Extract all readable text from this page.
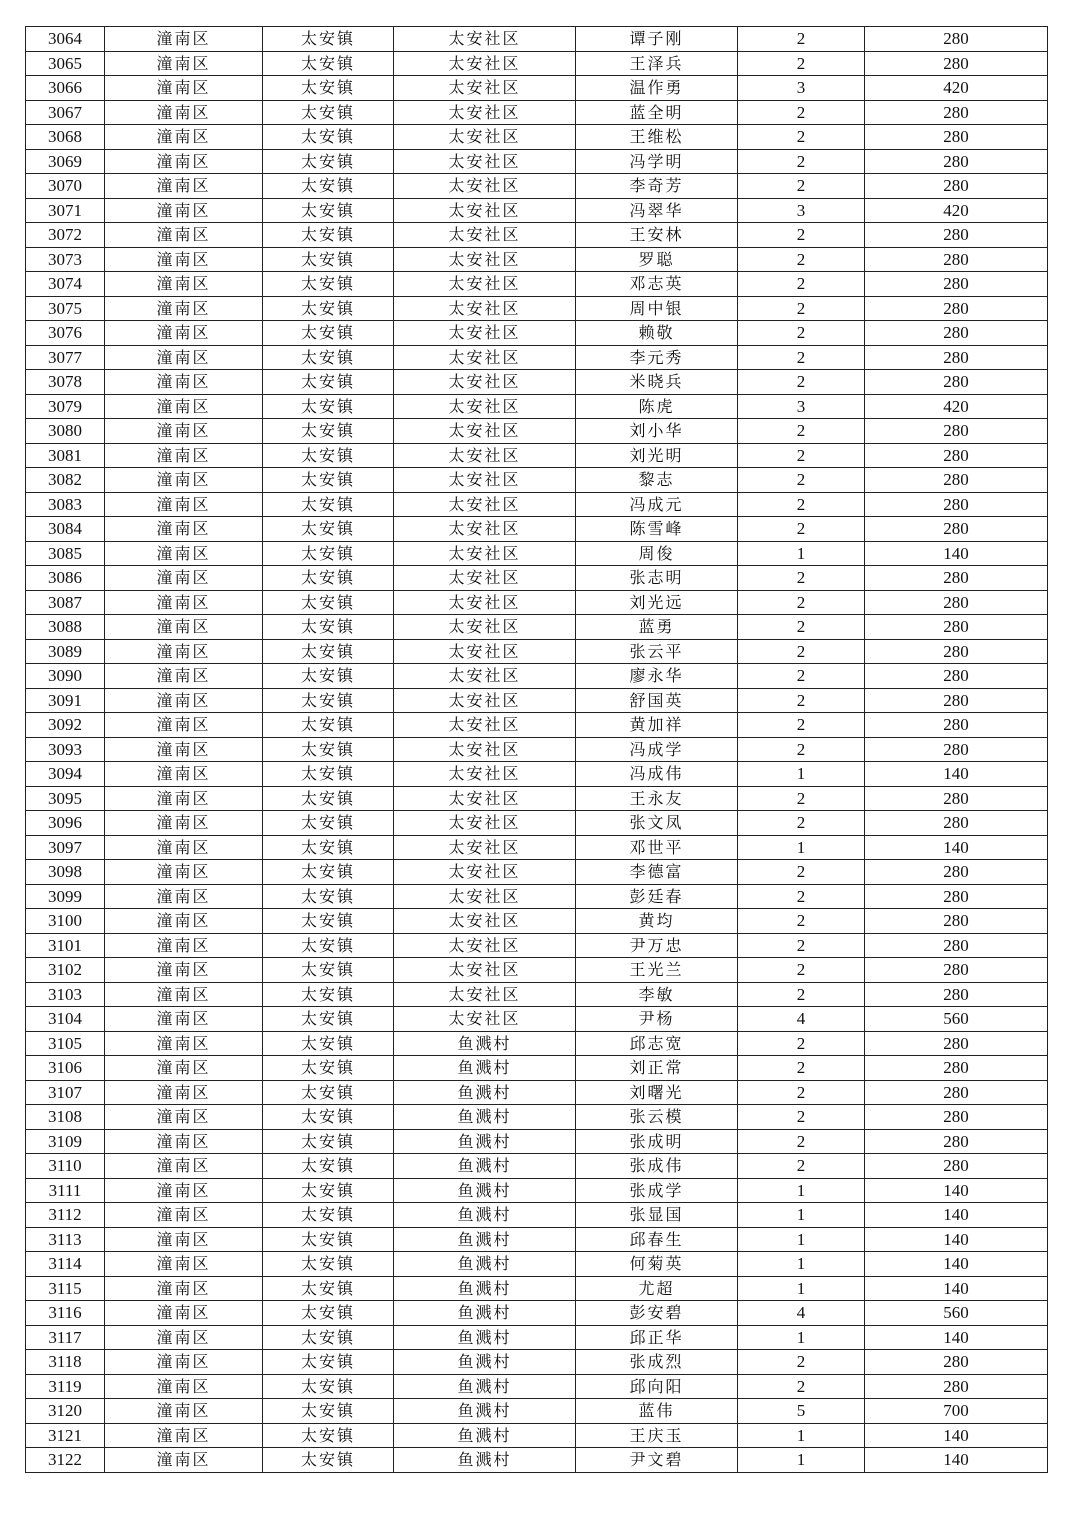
3064	潼南区	太安镇	太安社区	谭子刚	2	280
3065	潼南区	太安镇	太安社区	王泽兵	2	280
3066	潼南区	太安镇	太安社区	温作勇	3	420
3067	潼南区	太安镇	太安社区	蓝全明	2	280
3068	潼南区	太安镇	太安社区	王维松	2	280
3069	潼南区	太安镇	太安社区	冯学明	2	280
3070	潼南区	太安镇	太安社区	李奇芳	2	280
3071	潼南区	太安镇	太安社区	冯翠华	3	420
3072	潼南区	太安镇	太安社区	王安林	2	280
3073	潼南区	太安镇	太安社区	罗聪	2	280
3074	潼南区	太安镇	太安社区	邓志英	2	280
3075	潼南区	太安镇	太安社区	周中银	2	280
3076	潼南区	太安镇	太安社区	赖敬	2	280
3077	潼南区	太安镇	太安社区	李元秀	2	280
3078	潼南区	太安镇	太安社区	米晓兵	2	280
3079	潼南区	太安镇	太安社区	陈虎	3	420
3080	潼南区	太安镇	太安社区	刘小华	2	280
3081	潼南区	太安镇	太安社区	刘光明	2	280
3082	潼南区	太安镇	太安社区	黎志	2	280
3083	潼南区	太安镇	太安社区	冯成元	2	280
3084	潼南区	太安镇	太安社区	陈雪峰	2	280
3085	潼南区	太安镇	太安社区	周俊	1	140
3086	潼南区	太安镇	太安社区	张志明	2	280
3087	潼南区	太安镇	太安社区	刘光远	2	280
3088	潼南区	太安镇	太安社区	蓝勇	2	280
3089	潼南区	太安镇	太安社区	张云平	2	280
3090	潼南区	太安镇	太安社区	廖永华	2	280
3091	潼南区	太安镇	太安社区	舒国英	2	280
3092	潼南区	太安镇	太安社区	黄加祥	2	280
3093	潼南区	太安镇	太安社区	冯成学	2	280
3094	潼南区	太安镇	太安社区	冯成伟	1	140
3095	潼南区	太安镇	太安社区	王永友	2	280
3096	潼南区	太安镇	太安社区	张文凤	2	280
3097	潼南区	太安镇	太安社区	邓世平	1	140
3098	潼南区	太安镇	太安社区	李德富	2	280
3099	潼南区	太安镇	太安社区	彭廷春	2	280
3100	潼南区	太安镇	太安社区	黄均	2	280
3101	潼南区	太安镇	太安社区	尹万忠	2	280
3102	潼南区	太安镇	太安社区	王光兰	2	280
3103	潼南区	太安镇	太安社区	李敏	2	280
3104	潼南区	太安镇	太安社区	尹杨	4	560
3105	潼南区	太安镇	鱼溅村	邱志宽	2	280
3106	潼南区	太安镇	鱼溅村	刘正常	2	280
3107	潼南区	太安镇	鱼溅村	刘曙光	2	280
3108	潼南区	太安镇	鱼溅村	张云模	2	280
3109	潼南区	太安镇	鱼溅村	张成明	2	280
3110	潼南区	太安镇	鱼溅村	张成伟	2	280
3111	潼南区	太安镇	鱼溅村	张成学	1	140
3112	潼南区	太安镇	鱼溅村	张显国	1	140
3113	潼南区	太安镇	鱼溅村	邱春生	1	140
3114	潼南区	太安镇	鱼溅村	何菊英	1	140
3115	潼南区	太安镇	鱼溅村	尤超	1	140
3116	潼南区	太安镇	鱼溅村	彭安碧	4	560
3117	潼南区	太安镇	鱼溅村	邱正华	1	140
3118	潼南区	太安镇	鱼溅村	张成烈	2	280
3119	潼南区	太安镇	鱼溅村	邱向阳	2	280
3120	潼南区	太安镇	鱼溅村	蓝伟	5	700
3121	潼南区	太安镇	鱼溅村	王庆玉	1	140
3122	潼南区	太安镇	鱼溅村	尹文碧	1	140
